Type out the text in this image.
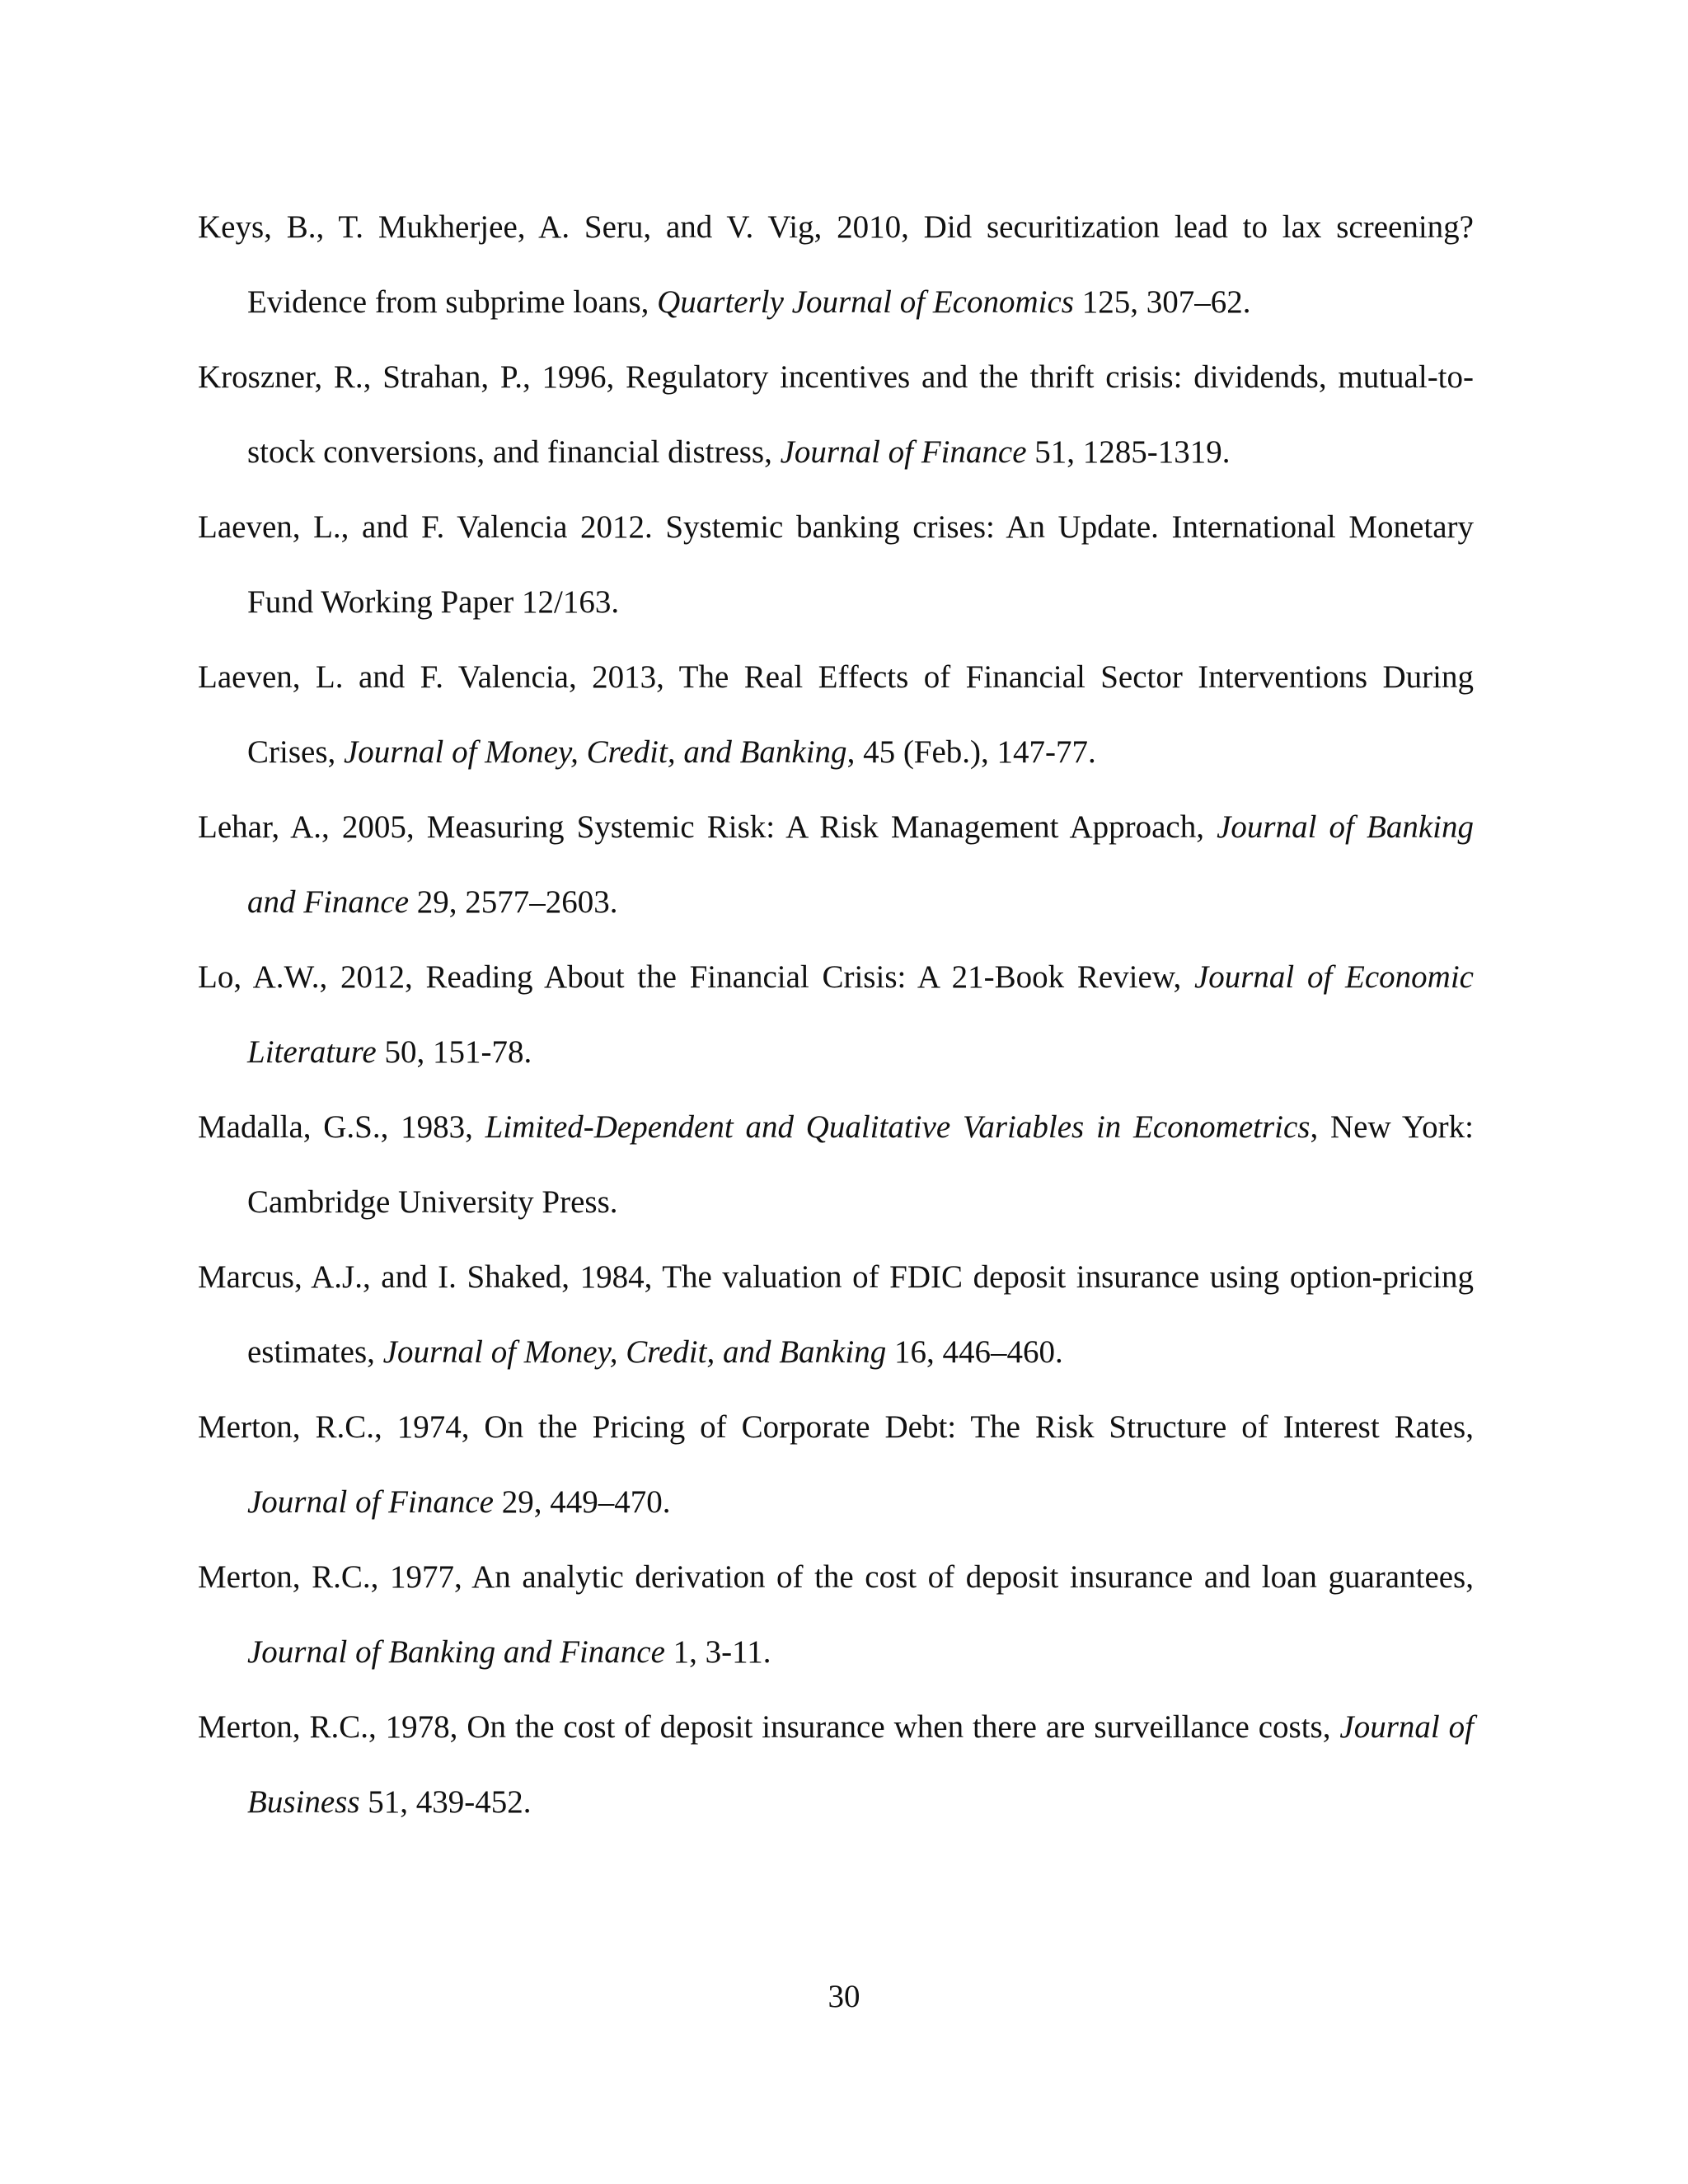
Keys, B., T. Mukherjee, A. Seru, and V. Vig, 2010, Did securitization lead to lax screening? Evidence from subprime loans, Quarterly Journal of Economics 125, 307–62.

Kroszner, R., Strahan, P., 1996, Regulatory incentives and the thrift crisis: dividends, mutual-to-stock conversions, and financial distress, Journal of Finance 51, 1285-1319.

Laeven, L., and F. Valencia 2012. Systemic banking crises: An Update. International Monetary Fund Working Paper 12/163.

Laeven, L. and F. Valencia, 2013, The Real Effects of Financial Sector Interventions During Crises, Journal of Money, Credit, and Banking, 45 (Feb.), 147-77.

Lehar, A., 2005, Measuring Systemic Risk: A Risk Management Approach, Journal of Banking and Finance 29, 2577–2603.

Lo, A.W., 2012, Reading About the Financial Crisis: A 21-Book Review, Journal of Economic Literature 50, 151-78.

Madalla, G.S., 1983, Limited-Dependent and Qualitative Variables in Econometrics, New York: Cambridge University Press.

Marcus, A.J., and I. Shaked, 1984, The valuation of FDIC deposit insurance using option-pricing estimates, Journal of Money, Credit, and Banking 16, 446–460.

Merton, R.C., 1974, On the Pricing of Corporate Debt: The Risk Structure of Interest Rates, Journal of Finance 29, 449–470.

Merton, R.C., 1977, An analytic derivation of the cost of deposit insurance and loan guarantees, Journal of Banking and Finance 1, 3-11.

Merton, R.C., 1978, On the cost of deposit insurance when there are surveillance costs, Journal of Business 51, 439-452.

30
